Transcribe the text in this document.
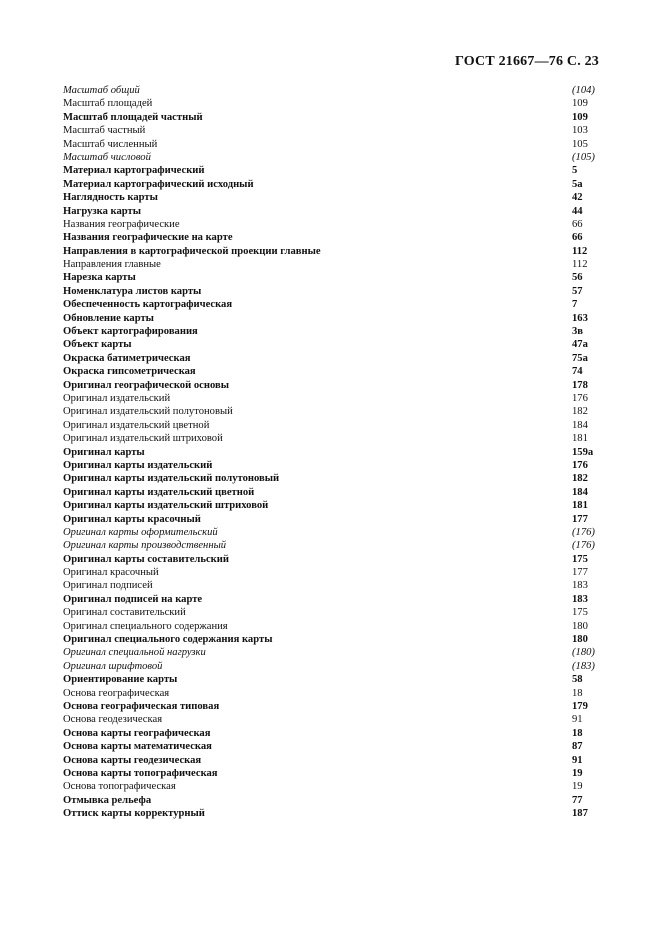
ГОСТ 21667—76 С. 23
Масштаб общий	(104)
Масштаб площадей	109
Масштаб площадей частный	109
Масштаб частный	103
Масштаб численный	105
Масштаб числовой	(105)
Материал картографический	5
Материал картографический исходный	5а
Наглядность карты	42
Нагрузка карты	44
Названия географические	66
Названия географические на карте	66
Направления в картографической проекции главные	112
Направления главные	112
Нарезка карты	56
Номенклатура листов карты	57
Обеспеченность картографическая	7
Обновление карты	163
Объект картографирования	3в
Объект карты	47а
Окраска батиметрическая	75а
Окраска гипсометрическая	74
Оригинал географической основы	178
Оригинал издательский	176
Оригинал издательский полутоновый	182
Оригинал издательский цветной	184
Оригинал издательский штриховой	181
Оригинал карты	159а
Оригинал карты издательский	176
Оригинал карты издательский полутоновый	182
Оригинал карты издательский цветной	184
Оригинал карты издательский штриховой	181
Оригинал карты красочный	177
Оригинал карты оформительский	(176)
Оригинал карты производственный	(176)
Оригинал карты составительский	175
Оригинал красочный	177
Оригинал подписей	183
Оригинал подписей на карте	183
Оригинал составительский	175
Оригинал специального содержания	180
Оригинал специального содержания карты	180
Оригинал специальной нагрузки	(180)
Оригинал шрифтовой	(183)
Ориентирование карты	58
Основа географическая	18
Основа географическая типовая	179
Основа геодезическая	91
Основа карты географическая	18
Основа карты математическая	87
Основа карты геодезическая	91
Основа карты топографическая	19
Основа топографическая	19
Отмывка рельефа	77
Оттиск карты корректурный	187
